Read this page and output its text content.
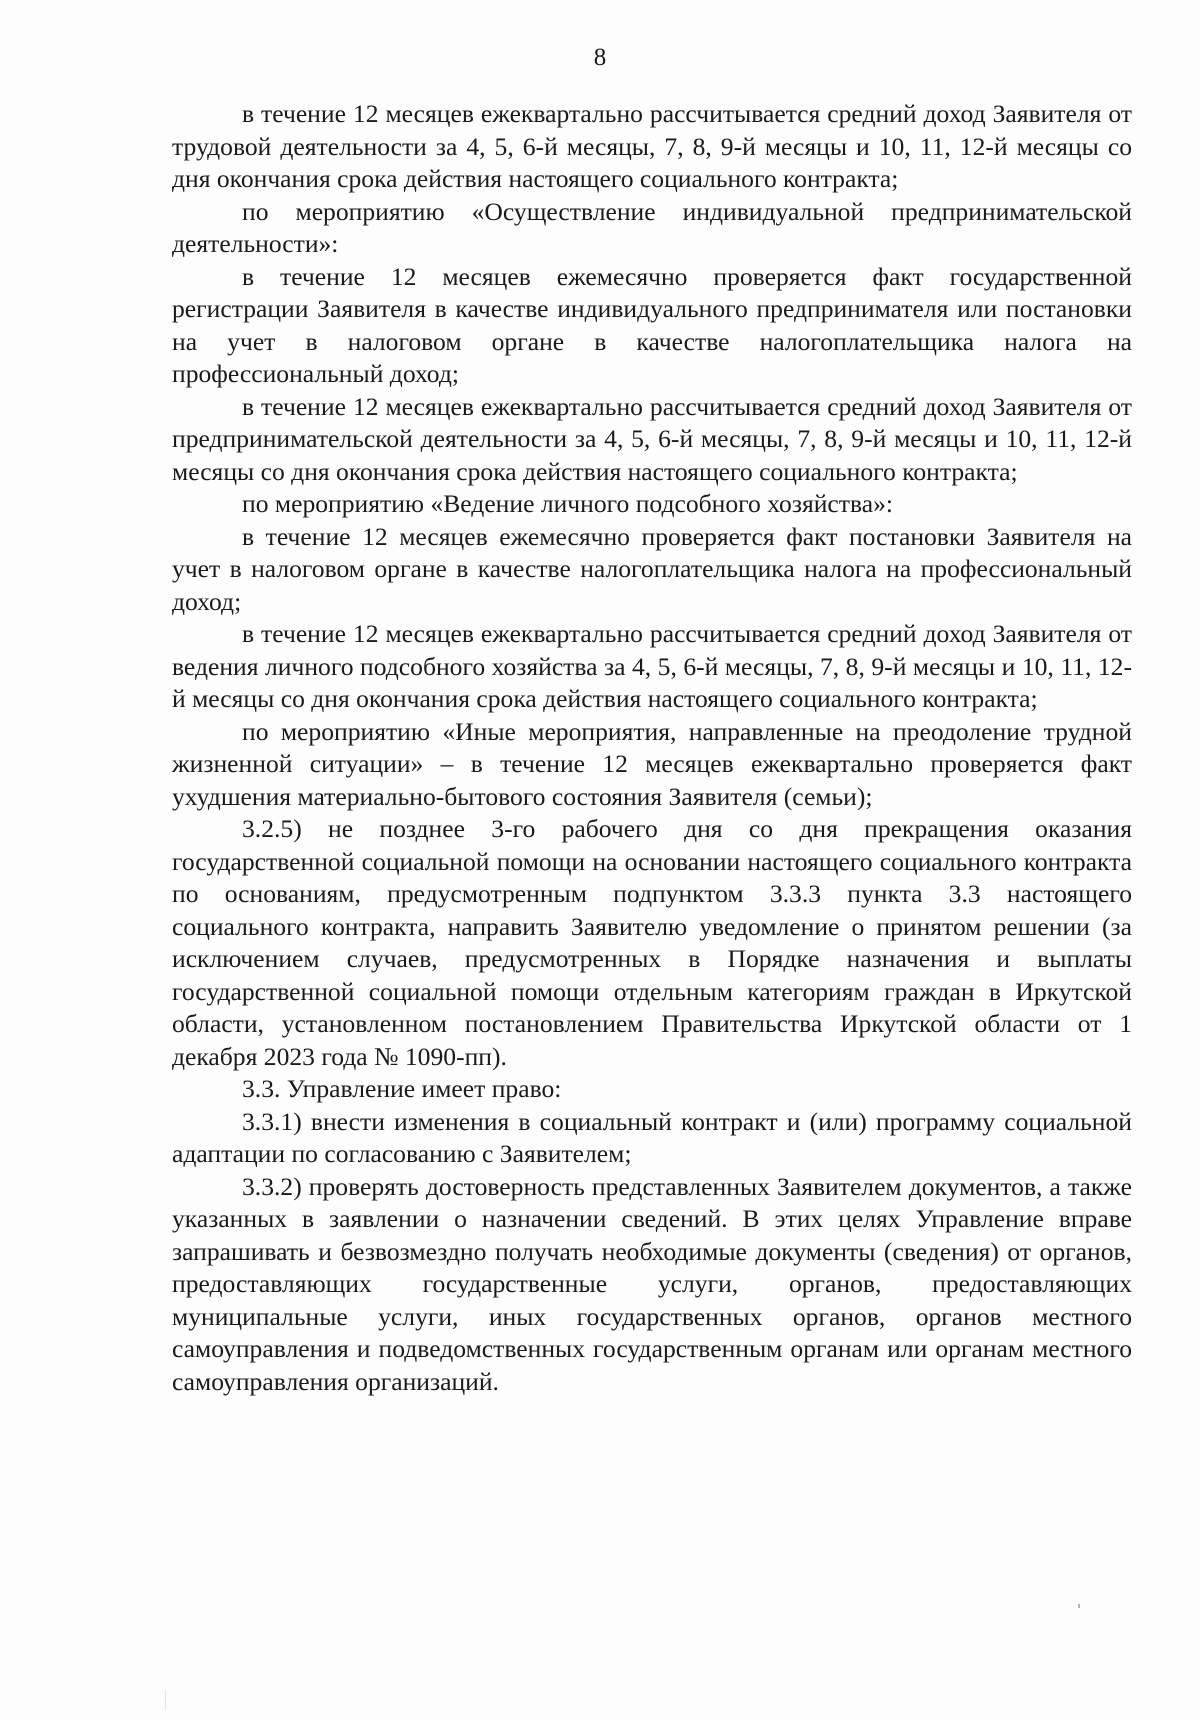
8

в течение 12 месяцев ежеквартально рассчитывается средний доход Заявителя от трудовой деятельности за 4, 5, 6-й месяцы, 7, 8, 9-й месяцы и 10, 11, 12-й месяцы со дня окончания срока действия настоящего социального контракта;

по мероприятию «Осуществление индивидуальной предпринимательской деятельности»:

в течение 12 месяцев ежемесячно проверяется факт государственной регистрации Заявителя в качестве индивидуального предпринимателя или постановки на учет в налоговом органе в качестве налогоплательщика налога на профессиональный доход;

в течение 12 месяцев ежеквартально рассчитывается средний доход Заявителя от предпринимательской деятельности за 4, 5, 6-й месяцы, 7, 8, 9-й месяцы и 10, 11, 12-й месяцы со дня окончания срока действия настоящего социального контракта;

по мероприятию «Ведение личного подсобного хозяйства»:

в течение 12 месяцев ежемесячно проверяется факт постановки Заявителя на учет в налоговом органе в качестве налогоплательщика налога на профессиональный доход;

в течение 12 месяцев ежеквартально рассчитывается средний доход Заявителя от ведения личного подсобного хозяйства за 4, 5, 6-й месяцы, 7, 8, 9-й месяцы и 10, 11, 12-й месяцы со дня окончания срока действия настоящего социального контракта;

по мероприятию «Иные мероприятия, направленные на преодоление трудной жизненной ситуации» – в течение 12 месяцев ежеквартально проверяется факт ухудшения материально-бытового состояния Заявителя (семьи);

3.2.5) не позднее 3-го рабочего дня со дня прекращения оказания государственной социальной помощи на основании настоящего социального контракта по основаниям, предусмотренным подпунктом 3.3.3 пункта 3.3 настоящего социального контракта, направить Заявителю уведомление о принятом решении (за исключением случаев, предусмотренных в Порядке назначения и выплаты государственной социальной помощи отдельным категориям граждан в Иркутской области, установленном постановлением Правительства Иркутской области от 1 декабря 2023 года № 1090-пп).

3.3. Управление имеет право:

3.3.1) внести изменения в социальный контракт и (или) программу социальной адаптации по согласованию с Заявителем;

3.3.2) проверять достоверность представленных Заявителем документов, а также указанных в заявлении о назначении сведений. В этих целях Управление вправе запрашивать и безвозмездно получать необходимые документы (сведения) от органов, предоставляющих государственные услуги, органов, предоставляющих муниципальные услуги, иных государственных органов, органов местного самоуправления и подведомственных государственным органам или органам местного самоуправления организаций.
